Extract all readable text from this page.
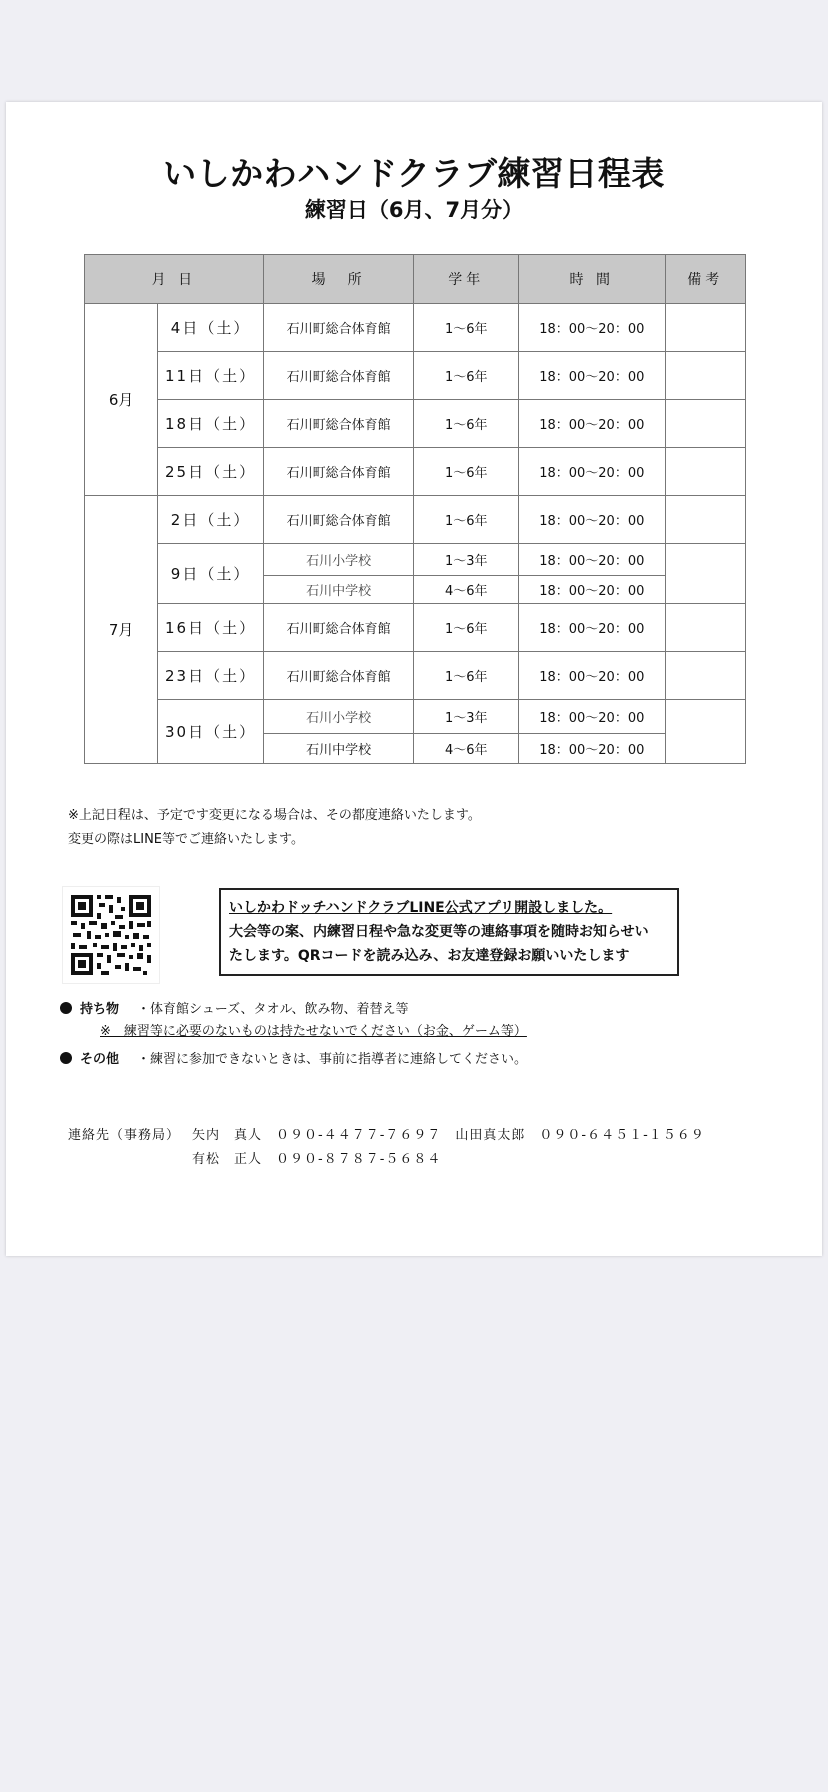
いしかわハンドクラブ練習日程表
練習日（6月、7月分）
月 日		場　所	学年	時 間	備考
6月	4日（土）	石川町総合体育館	1～6年	18：00～20：00	
	11日（土）	石川町総合体育館	1～6年	18：00～20：00	
	18日（土）	石川町総合体育館	1～6年	18：00～20：00	
	25日（土）	石川町総合体育館	1～6年	18：00～20：00	
7月	2日（土）	石川町総合体育館	1～6年	18：00～20：00	
	9日（土）	石川小学校	1～3年	18：00～20：00	
		石川中学校	4～6年	18：00～20：00	
	16日（土）	石川町総合体育館	1～6年	18：00～20：00	
	23日（土）	石川町総合体育館	1～6年	18：00～20：00	
	30日（土）	石川小学校	1～3年	18：00～20：00	
		石川中学校	4～6年	18：00～20：00	
※上記日程は、予定です変更になる場合は、その都度連絡いたします。
変更の際はLINE等でご連絡いたします。
いしかわドッチハンドクラブLINE公式アプリ開設しました。
大会等の案、内練習日程や急な変更等の連絡事項を随時お知らせい
たします。QRコードを読み込み、お友達登録お願いいたします
持ち物 ・体育館シューズ、タオル、飲み物、着替え等
※　練習等に必要のないものは持たせないでください（お金、ゲーム等）
その他 ・練習に参加できないときは、事前に指導者に連絡してください。
連絡先（事務局） 矢内　真人　０９０-４４７７-７６９７　山田真太郎　０９０-６４５１-１５６９
有松　正人　０９０-８７８７-５６８４
